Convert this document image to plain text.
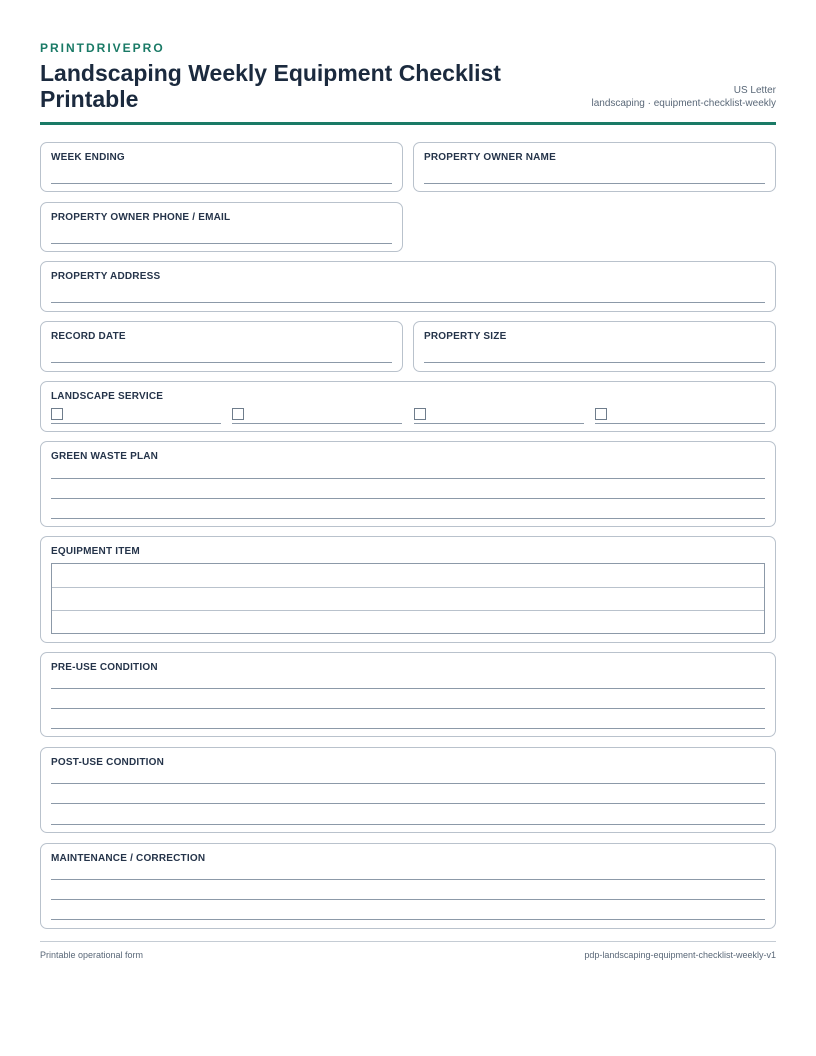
PRINTDRIVEPRO
Landscaping Weekly Equipment Checklist Printable	US Letter
landscaping · equipment-checklist-weekly
WEEK ENDING	PROPERTY OWNER NAME
PROPERTY OWNER PHONE / EMAIL
PROPERTY ADDRESS
RECORD DATE	PROPERTY SIZE
LANDSCAPE SERVICE
GREEN WASTE PLAN
EQUIPMENT ITEM
PRE-USE CONDITION
POST-USE CONDITION
MAINTENANCE / CORRECTION
Printable operational form	pdp-landscaping-equipment-checklist-weekly-v1
